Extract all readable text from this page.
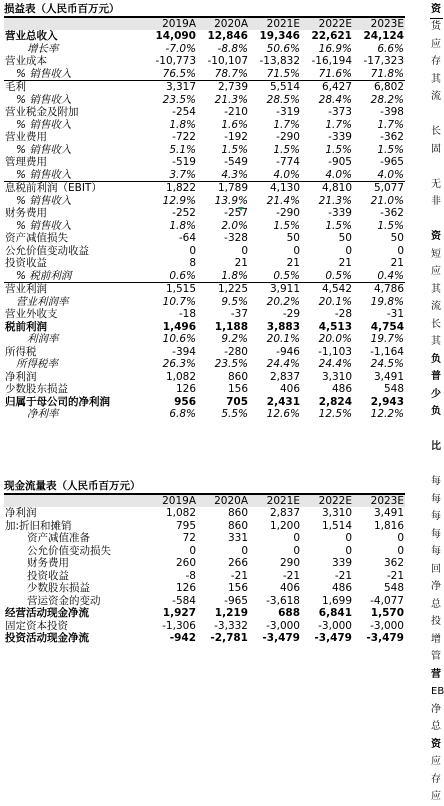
损益表（人民币百万元）
	2019A	2020A	2021E	2022E	2023E
营业总收入	14,090	12,846	19,346	22,621	24,124
增长率	-7.0%	-8.8%	50.6%	16.9%	6.6%
营业成本	-10,773	-10,107	-13,832	-16,194	-17,323
% 销售收入	76.5%	78.7%	71.5%	71.6%	71.8%
毛利	3,317	2,739	5,514	6,427	6,802
% 销售收入	23.5%	21.3%	28.5%	28.4%	28.2%
营业税金及附加	-254	-210	-319	-373	-398
% 销售收入	1.8%	1.6%	1.7%	1.7%	1.7%
营业费用	-722	-192	-290	-339	-362
% 销售收入	5.1%	1.5%	1.5%	1.5%	1.5%
管理费用	-519	-549	-774	-905	-965
% 销售收入	3.7%	4.3%	4.0%	4.0%	4.0%
息税前利润（EBIT）	1,822	1,789	4,130	4,810	5,077
% 销售收入	12.9%	13.9%	21.4%	21.3%	21.0%
财务费用	-252	-257	-290	-339	-362
% 销售收入	1.8%	2.0%	1.5%	1.5%	1.5%
资产减值损失	-64	-328	50	50	50
公允价值变动收益	0	0	0	0	0
投资收益	8	21	21	21	21
% 税前利润	0.6%	1.8%	0.5%	0.5%	0.4%
营业利润	1,515	1,225	3,911	4,542	4,786
营业利润率	10.7%	9.5%	20.2%	20.1%	19.8%
营业外收支	-18	-37	-29	-28	-31
税前利润	1,496	1,188	3,883	4,513	4,754
利润率	10.6%	9.2%	20.1%	20.0%	19.7%
所得税	-394	-280	-946	-1,103	-1,164
所得税率	26.3%	23.5%	24.4%	24.4%	24.5%
净利润	1,082	860	2,837	3,310	3,491
少数股东损益	126	156	406	486	548
归属于母公司的净利润	956	705	2,431	2,824	2,943
净利率	6.8%	5.5%	12.6%	12.5%	12.2%
现金流量表（人民币百万元）
	2019A	2020A	2021E	2022E	2023E
净利润	1,082	860	2,837	3,310	3,491
加:折旧和摊销	795	860	1,200	1,514	1,816
资产减值准备	72	331	0	0	0
公允价值变动损失	0	0	0	0	0
财务费用	260	266	290	339	362
投资收益	-8	-21	-21	-21	-21
少数股东损益	126	156	406	486	548
营运资金的变动	-584	-965	-3,618	1,699	-4,077
经营活动现金净流	1,927	1,219	688	6,841	1,570
固定资本投资	-1,306	-3,332	-3,000	-3,000	-3,000
投资活动现金净流	-942	-2,781	-3,479	-3,479	-3,479
资
货
应
存
其
流
长
固
无
非
资
短
应
其
流
长
其
负
普
少
负
比
每
每
每
每
每
回
净
总
投
增
管
营
EB
净
总
资
应
存
应
